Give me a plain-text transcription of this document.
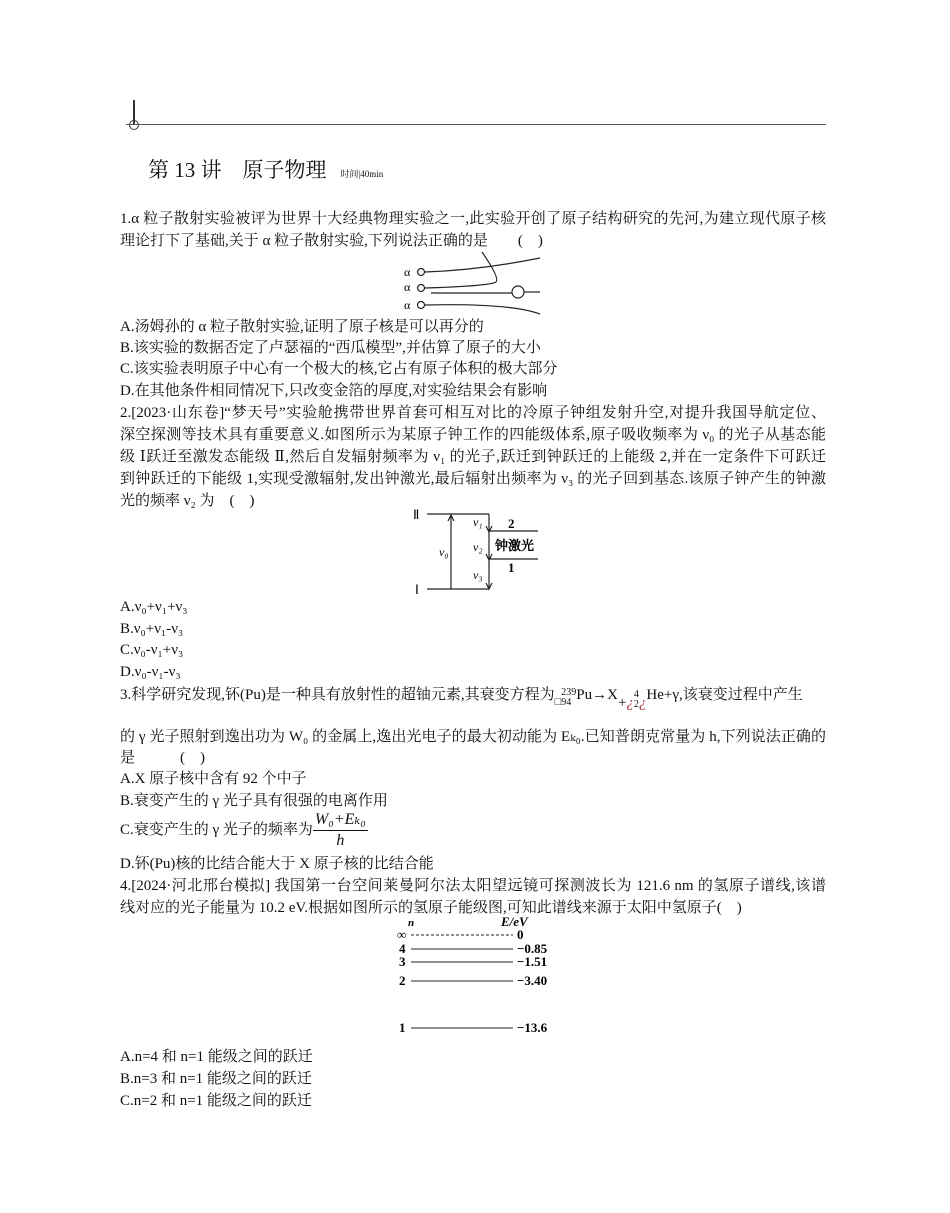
第 13 讲　 原子物理 时间|40min
1.α 粒子散射实验被评为世界十大经典物理实验之一,此实验开创了原子结构研究的先河,为建立现代原子核
理论打下了基础,关于 α 粒子散射实验,下列说法正确的是　　(　)
α
α
α
A.汤姆孙的 α 粒子散射实验,证明了原子核是可以再分的
B.该实验的数据否定了卢瑟福的“西瓜模型”,并估算了原子的大小
C.该实验表明原子中心有一个极大的核,它占有原子体积的极大部分
D.在其他条件相同情况下,只改变金箔的厚度,对实验结果会有影响
2.[2023·山东卷]“梦天号”实验舱携带世界首套可相互对比的冷原子钟组发射升空,对提升我国导航定位、
深空探测等技术具有重要意义.如图所示为某原子钟工作的四能级体系,原子吸收频率为 ν₀ 的光子从基态能
级 Ⅰ跃迁至激发态能级 Ⅱ,然后自发辐射频率为 ν₁ 的光子,跃迁到钟跃迁的上能级 2,并在一定条件下可跃迁
到钟跃迁的下能级 1,实现受激辐射,发出钟激光,最后辐射出频率为 ν₃ 的光子回到基态.该原子钟产生的钟激
光的频率 ν₂ 为　(　)
ν₀
ν₁
ν₂
ν₃
Ⅱ
Ⅰ
2
1
钟激光
A.ν₀+ν₁+ν₃
B.ν₀+ν₁-ν₃
C.ν₀-ν₁+ν₃
D.ν₀-ν₁-ν₃
3.科学研究发现,钚(Pu)是一种具有放射性的超铀元素,其衰变方程为$_□$
239
94 Pu→X+¿
4
2 ¿He+γ,该衰变过程中产生
的 γ 光子照射到逸出功为 W₀ 的金属上,逸出光电子的最大初动能为 Eₖ₀.已知普朗克常量为 h,下列说法正确的
是　　　(　)
A.X 原子核中含有 92 个中子
B.衰变产生的 γ 光子具有很强的电离作用
C.衰变产生的 γ 光子的频率为 $\frac{\text{W₀+Eₖ₀}}{h}$
D.钚(Pu)核的比结合能大于 X 原子核的比结合能
4.[2024·河北邢台模拟] 我国第一台空间莱曼阿尔法太阳望远镜可探测波长为 121.6 nm 的氢原子谱线,该谱
线对应的光子能量为 10.2 eV.根据如图所示的氢原子能级图,可知此谱线来源于太阳中氢原子(　)
n	E/eV
∞
4
3
2
1
0
−0.85
−1.51
−3.40
−13.6
A.n=4 和 n=1 能级之间的跃迁
B.n=3 和 n=1 能级之间的跃迁
C.n=2 和 n=1 能级之间的跃迁
